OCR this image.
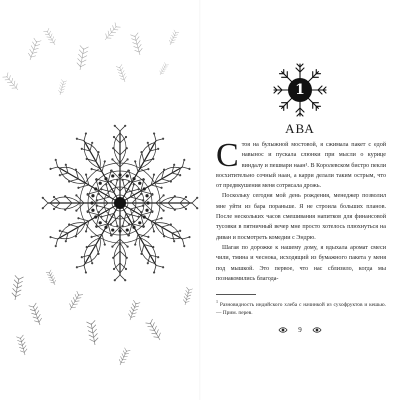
1
АВА

Стоя на булыжной мостовой, я сжимала пакет с едой навынос и пускала слюнки при мысли о курице виндалу и пешвари наан¹. В Королевском бистро пекли восхитительно сочный наан, а карри делали таким острым, что от предвкушения меня сотрясала дрожь.

Поскольку сегодня мой день рождения, менеджер позволил мне уйти из бара пораньше. Я не строила больших планов. После нескольких часов смешивания напитков для финансовой тусовки в пятничный вечер мне просто хотелось плюхнуться на диван и посмотреть комедии с Эндрю.

Шагая по дорожке к нашему дому, я вдыхала аромат смеси чили, тмина и чеснока, исходящий из бумажного пакета у меня под мышкой. Это первое, что нас сблизило, когда мы познакомились благода-

$^1$ Разновидность индийского хлеба с начинкой из сухофруктов и кешью. — Прим. перев.
9
